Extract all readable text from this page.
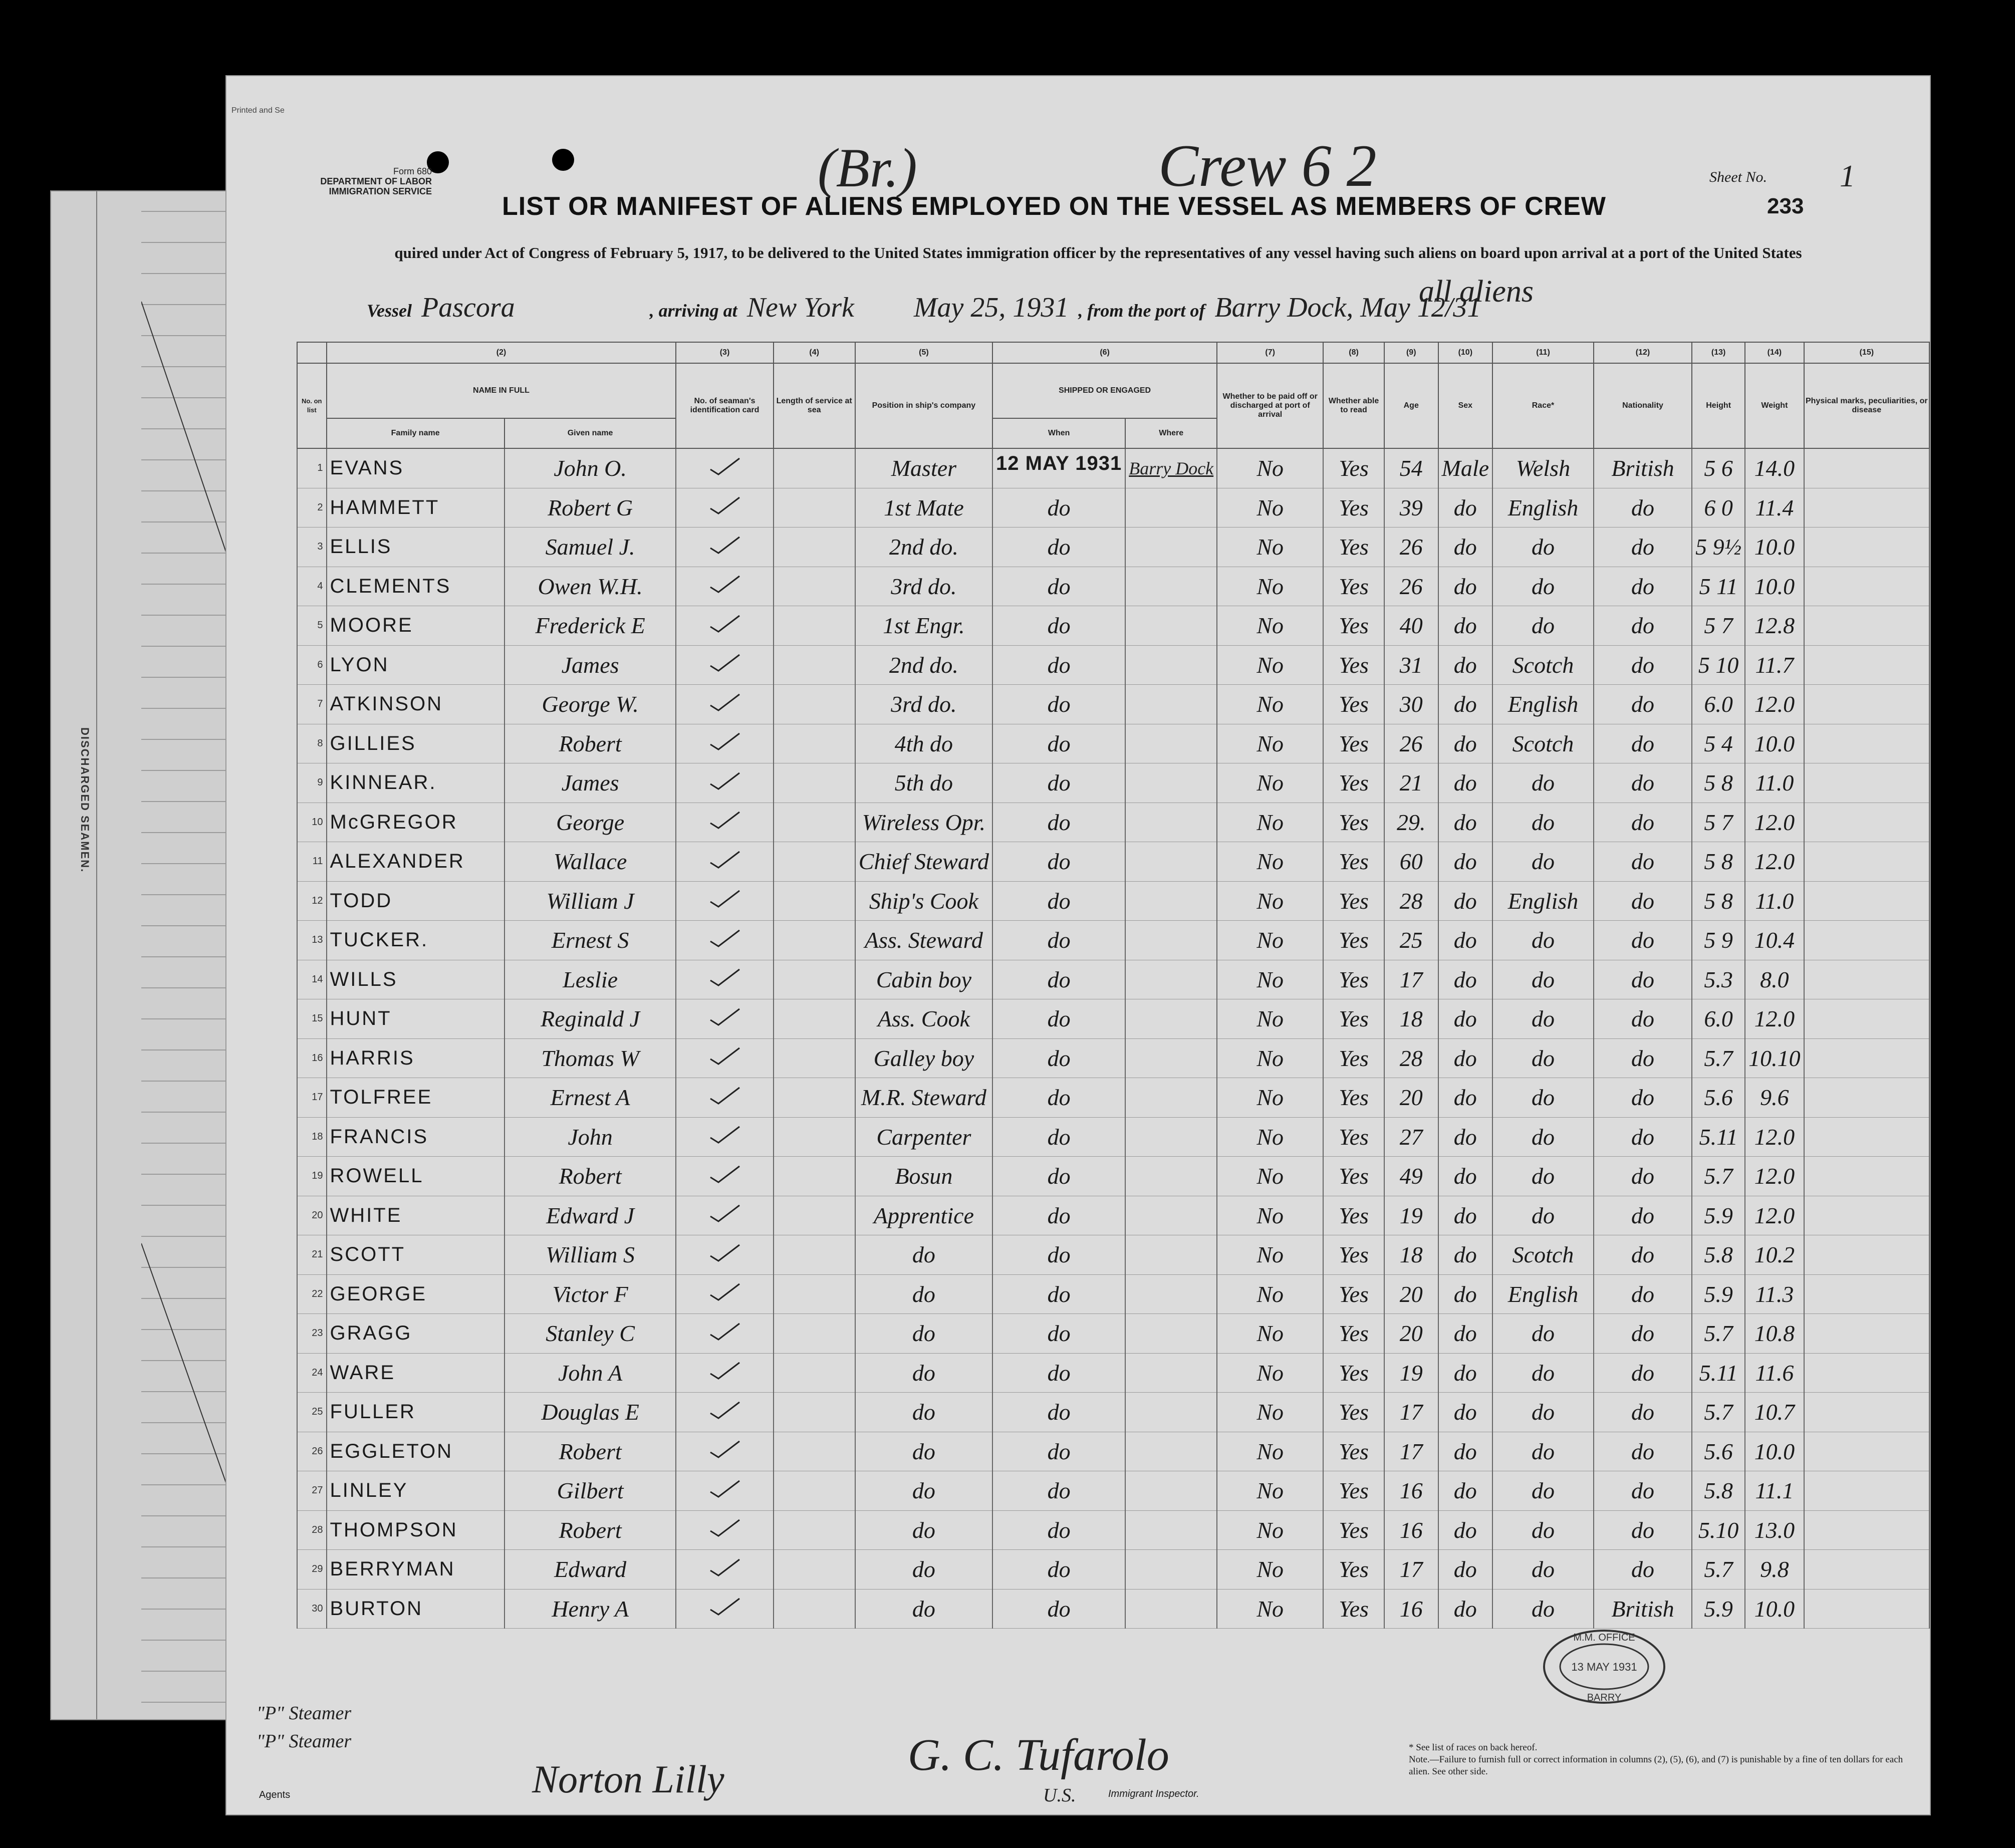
DISCHARGED SEAMEN.
Printed and Se
Form 680
DEPARTMENT OF LABOR
IMMIGRATION SERVICE	(Br.)	Crew 6 2	Sheet No. 1
233
LIST OR MANIFEST OF ALIENS EMPLOYED ON THE VESSEL AS MEMBERS OF CREW
all aliens
quired under Act of Congress of February 5, 1917, to be delivered to the United States immigration officer by the representatives of any vessel having such aliens on board upon arrival at a port of the United States
Vessel Pascora	, arriving at New York May 25, 1931 , from the port of Barry Dock, May 12/31
	(2)		(3)	(4)	(5)	(6)		(7)	(8)	(9)	(10)	(11)	(12)	(13)	(14)	(15)
No. on list	NAME IN FULL		No. of seaman's identification card	Length of service at sea	Position in ship's company	SHIPPED OR ENGAGED		Whether to be paid off or discharged at port of arrival	Whether able to read	Age	Sex	Race*	Nationality	Height	Weight	Physical marks, peculiarities, or disease
	Family name	Given name				When	Where									
1	EVANS	John O.			Master	12 MAY 1931	Barry Dock	No	Yes	54	Male	Welsh	British	5 6	14.0	
2	HAMMETT	Robert G			1st Mate	do		No	Yes	39	do	English	do	6 0	11.4	
3	ELLIS	Samuel J.			2nd do.	do		No	Yes	26	do	do	do	5 9½	10.0	
4	CLEMENTS	Owen W.H.			3rd do.	do		No	Yes	26	do	do	do	5 11	10.0	
5	MOORE	Frederick E			1st Engr.	do		No	Yes	40	do	do	do	5 7	12.8	
6	LYON	James			2nd do.	do		No	Yes	31	do	Scotch	do	5 10	11.7	
7	ATKINSON	George W.			3rd do.	do		No	Yes	30	do	English	do	6.0	12.0	
8	GILLIES	Robert			4th do	do		No	Yes	26	do	Scotch	do	5 4	10.0	
9	KINNEAR.	James			5th do	do		No	Yes	21	do	do	do	5 8	11.0	
10	McGREGOR	George			Wireless Opr.	do		No	Yes	29.	do	do	do	5 7	12.0	
11	ALEXANDER	Wallace			Chief Steward	do		No	Yes	60	do	do	do	5 8	12.0	
12	TODD	William J			Ship's Cook	do		No	Yes	28	do	English	do	5 8	11.0	
13	TUCKER.	Ernest S			Ass. Steward	do		No	Yes	25	do	do	do	5 9	10.4	
14	WILLS	Leslie			Cabin boy	do		No	Yes	17	do	do	do	5.3	8.0	
15	HUNT	Reginald J			Ass. Cook	do		No	Yes	18	do	do	do	6.0	12.0	
16	HARRIS	Thomas W			Galley boy	do		No	Yes	28	do	do	do	5.7	10.10	
17	TOLFREE	Ernest A			M.R. Steward	do		No	Yes	20	do	do	do	5.6	9.6	
18	FRANCIS	John			Carpenter	do		No	Yes	27	do	do	do	5.11	12.0	
19	ROWELL	Robert			Bosun	do		No	Yes	49	do	do	do	5.7	12.0	
20	WHITE	Edward J			Apprentice	do		No	Yes	19	do	do	do	5.9	12.0	
21	SCOTT	William S			do	do		No	Yes	18	do	Scotch	do	5.8	10.2	
22	GEORGE	Victor F			do	do		No	Yes	20	do	English	do	5.9	11.3	
23	GRAGG	Stanley C			do	do		No	Yes	20	do	do	do	5.7	10.8	
24	WARE	John A			do	do		No	Yes	19	do	do	do	5.11	11.6	
25	FULLER	Douglas E			do	do		No	Yes	17	do	do	do	5.7	10.7	
26	EGGLETON	Robert			do	do		No	Yes	17	do	do	do	5.6	10.0	
27	LINLEY	Gilbert			do	do		No	Yes	16	do	do	do	5.8	11.1	
28	THOMPSON	Robert			do	do		No	Yes	16	do	do	do	5.10	13.0	
29	BERRYMAN	Edward			do	do		No	Yes	17	do	do	do	5.7	9.8	
30	BURTON	Henry A			do	do		No	Yes	16	do	do	British	5.9	10.0	
M.M. OFFICE
13 MAY 1931
BARRY
"P" Steamer
"P" Steamer
Agents	Norton Lilly	G. C. Tufarolo
U.S.	Immigrant Inspector.
* See list of races on back hereof.
Note.—Failure to furnish full or correct information in columns (2), (5), (6), and (7) is punishable by a fine of ten dollars for each alien. See other side.
